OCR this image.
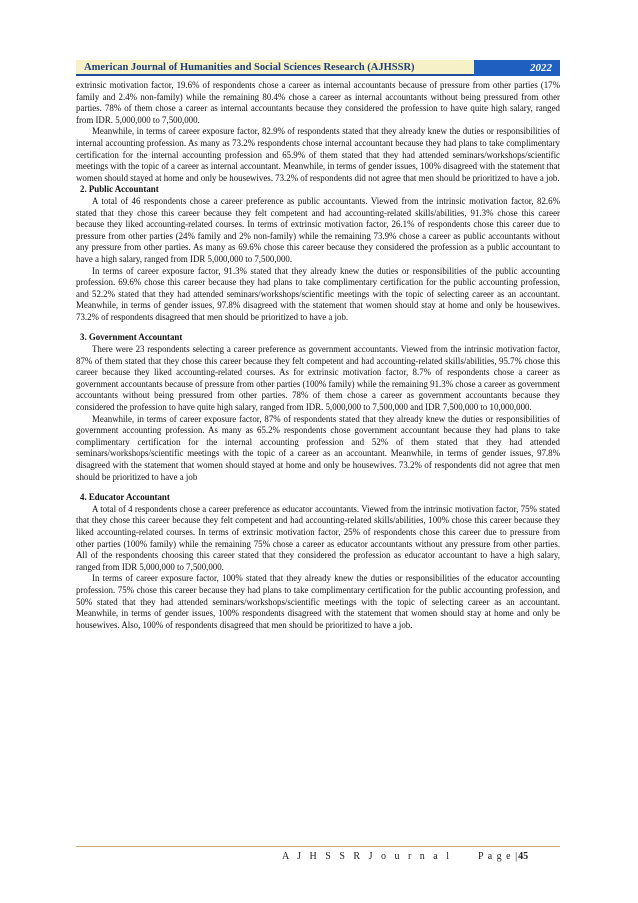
American Journal of Humanities and Social Sciences Research (AJHSSR)	2022

extrinsic motivation factor, 19.6% of respondents chose a career as internal accountants because of pressure from other parties (17% family and 2.4% non-family) while the remaining 80.4% chose a career as internal accountants without being pressured from other parties. 78% of them chose a career as internal accountants because they considered the profession to have quite high salary, ranged from IDR. 5,000,000 to 7,500,000.

Meanwhile, in terms of career exposure factor, 82.9% of respondents stated that they already knew the duties or responsibilities of internal accounting profession. As many as 73.2% respondents chose internal accountant because they had plans to take complimentary certification for the internal accounting profession and 65.9% of them stated that they had attended seminars/workshops/scientific meetings with the topic of a career as internal accountant. Meanwhile, in terms of gender issues, 100% disagreed with the statement that women should stayed at home and only be housewives. 73.2% of respondents did not agree that men should be prioritized to have a job.

2. Public Accountant

A total of 46 respondents chose a career preference as public accountants. Viewed from the intrinsic motivation factor, 82.6% stated that they chose this career because they felt competent and had accounting-related skills/abilities, 91.3% chose this career because they liked accounting-related courses. In terms of extrinsic motivation factor, 26.1% of respondents chose this career due to pressure from other parties (24% family and 2% non-family) while the remaining 73.9% chose a career as public accountants without any pressure from other parties. As many as 69.6% chose this career because they considered the profession as a public accountant to have a high salary, ranged from IDR 5,000,000 to 7,500,000.

In terms of career exposure factor, 91.3% stated that they already knew the duties or responsibilities of the public accounting profession. 69.6% chose this career because they had plans to take complimentary certification for the public accounting profession, and 52.2% stated that they had attended seminars/workshops/scientific meetings with the topic of selecting career as an accountant. Meanwhile, in terms of gender issues, 97.8% disagreed with the statement that women should stay at home and only be housewives. 73.2% of respondents disagreed that men should be prioritized to have a job.

3. Government Accountant

There were 23 respondents selecting a career preference as government accountants. Viewed from the intrinsic motivation factor, 87% of them stated that they chose this career because they felt competent and had accounting-related skills/abilities, 95.7% chose this career because they liked accounting-related courses. As for extrinsic motivation factor, 8.7% of respondents chose a career as government accountants because of pressure from other parties (100% family) while the remaining 91.3% chose a career as government accountants without being pressured from other parties. 78% of them chose a career as government accountants because they considered the profession to have quite high salary, ranged from IDR. 5,000,000 to 7,500,000 and IDR 7,500,000 to 10,000,000.

Meanwhile, in terms of career exposure factor, 87% of respondents stated that they already knew the duties or responsibilities of government accounting profession. As many as 65.2% respondents chose government accountant because they had plans to take complimentary certification for the internal accounting profession and 52% of them stated that they had attended seminars/workshops/scientific meetings with the topic of a career as an accountant. Meanwhile, in terms of gender issues, 97.8% disagreed with the statement that women should stayed at home and only be housewives. 73.2% of respondents did not agree that men should be prioritized to have a job

4. Educator Accountant

A total of 4 respondents chose a career preference as educator accountants. Viewed from the intrinsic motivation factor, 75% stated that they chose this career because they felt competent and had accounting-related skills/abilities, 100% chose this career because they liked accounting-related courses. In terms of extrinsic motivation factor, 25% of respondents chose this career due to pressure from other parties (100% family) while the remaining 75% chose a career as educator accountants without any pressure from other parties. All of the respondents choosing this career stated that they considered the profession as educator accountant to have a high salary, ranged from IDR 5,000,000 to 7,500,000.

In terms of career exposure factor, 100% stated that they already knew the duties or responsibilities of the educator accounting profession. 75% chose this career because they had plans to take complimentary certification for the public accounting profession, and 50% stated that they had attended seminars/workshops/scientific meetings with the topic of selecting career as an accountant. Meanwhile, in terms of gender issues, 100% respondents disagreed with the statement that women should stay at home and only be housewives. Also, 100% of respondents disagreed that men should be prioritized to have a job.

A J H S S R J o u r n a l	P a g e |45
